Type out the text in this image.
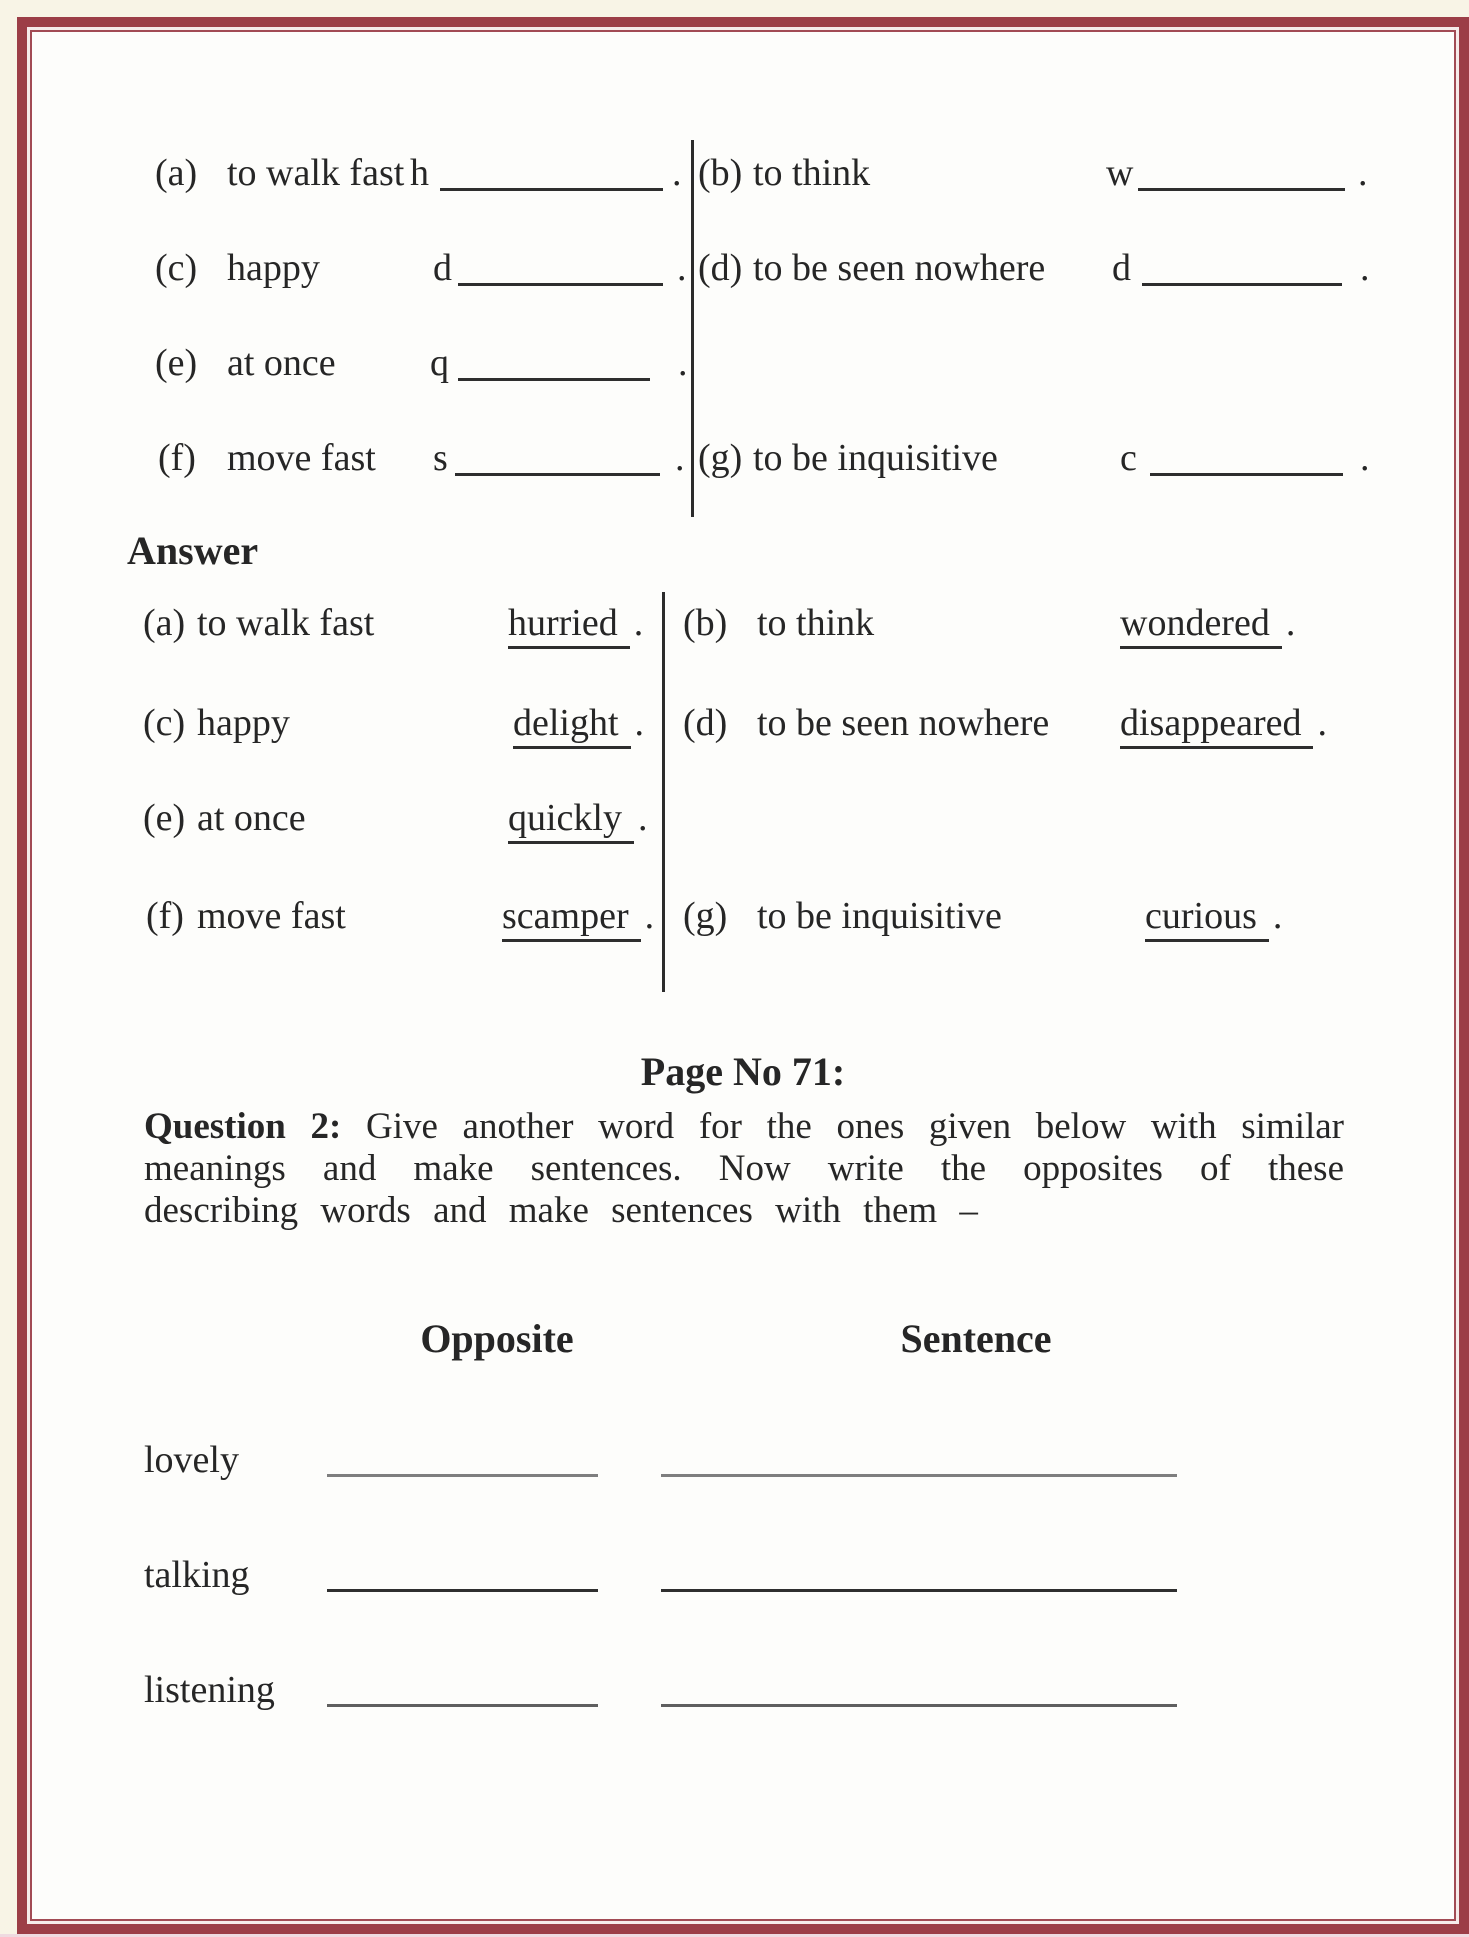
(a) to walk fast h	. (b) to think	w	.
(c) happy	d	. (d) to be seen nowhere d	.
(e) at once q	.
(f) move fast s	. (g) to be inquisitive	c	.
Answer
(a) to walk fast	hurried . (b) to think	wondered .
(c) happy	delight . (d) to be seen nowhere disappeared .
(e) at once	quickly .
(f) move fast	scamper . (g) to be inquisitive	curious .
Page No 71:
Question 2: Give another word for the ones given below with similar
meanings and make sentences. Now write the opposites of these
describing words and make sentences with them –
Opposite	Sentence
lovely
talking
listening
